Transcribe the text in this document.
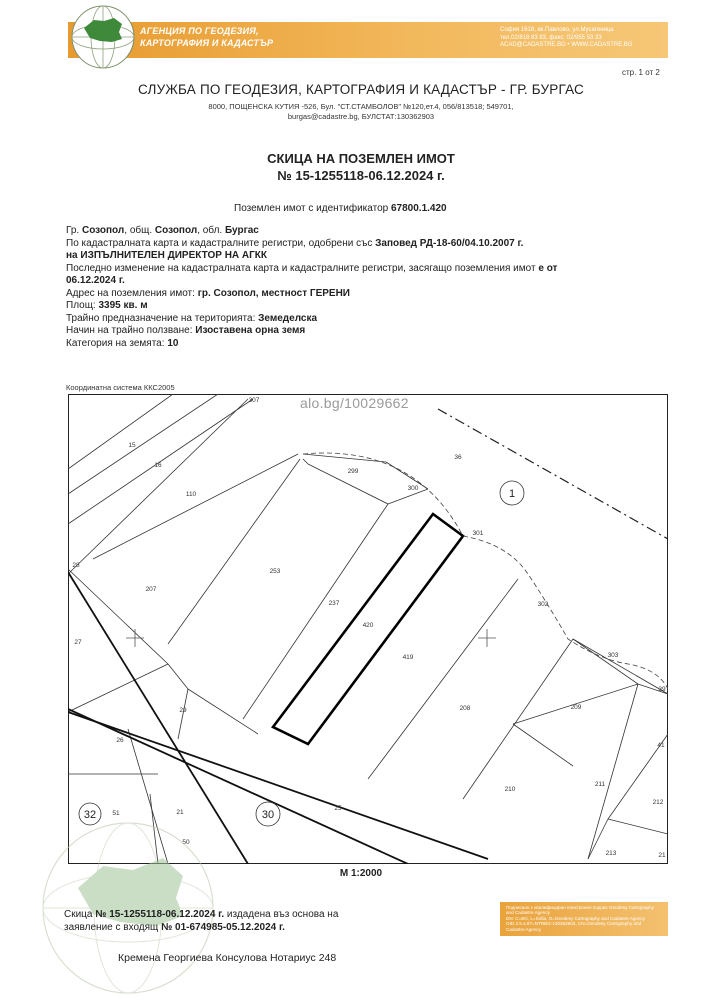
АГЕНЦИЯ ПО ГЕОДЕЗИЯ,
КАРТОГРАФИЯ И КАДАСТЪР
София 1618, кв.Павлово, ул.Мусагеница
тел.02/818 83 83, факс: 02/955 53 33
ACAD@CADASTRE.BG • WWW.CADASTRE.BG
стр. 1 от 2
СЛУЖБА ПО ГЕОДЕЗИЯ, КАРТОГРАФИЯ И КАДАСТЪР - ГР. БУРГАС
8000, ПОЩЕНСКА КУТИЯ -526, Бул. "СТ.СТАМБОЛОВ" №120,ет.4, 056/813518; 549701,
burgas@cadastre.bg, БУЛСТАТ:130362903
СКИЦА НА ПОЗЕМЛЕН ИМОТ
№ 15-1255118-06.12.2024 г.
Поземлен имот с идентификатор 67800.1.420
Гр. Созопол, общ. Созопол, обл. Бургас
По кадастралната карта и кадастралните регистри, одобрени със Заповед РД-18-60/04.10.2007 г.
на ИЗПЪЛНИТЕЛЕН ДИРЕКТОР НА АГКК
Последно изменение на кадастралната карта и кадастралните регистри, засягащо поземления имот е от
06.12.2024 г.
Адрес на поземления имот: гр. Созопол, местност ГЕРЕНИ
Площ: 3395 кв. м
Трайно предназначение на територията: Земеделска
Начин на трайно ползване: Изоставена орна земя
Категория на земята: 10
Координатна система ККС2005
1
30
32
15
16
110
207
253
237
420
419
299
300
301
302
303
36
28
27
29
26
25
51	21
50
208	209
210
211
212
213
39
41
21
307	alo.bg/10029662
М 1:2000
Скица № 15-1255118-06.12.2024 г. издадена въз основа на
заявление с входящ № 01-674985-05.12.2024 г.
Подписано с квалифициран електронен подпис Geodesy Cartography
and Cadastre Agency
DN: C=BG, L=Sofia, O=Geodesy Cartography and Cadastre Agency
OID.2.5.4.97=NTRBG-130362903, CN=Geodesy Cartography and
Cadastre Agency
Кремена Георгиева Консулова Нотариус 248
